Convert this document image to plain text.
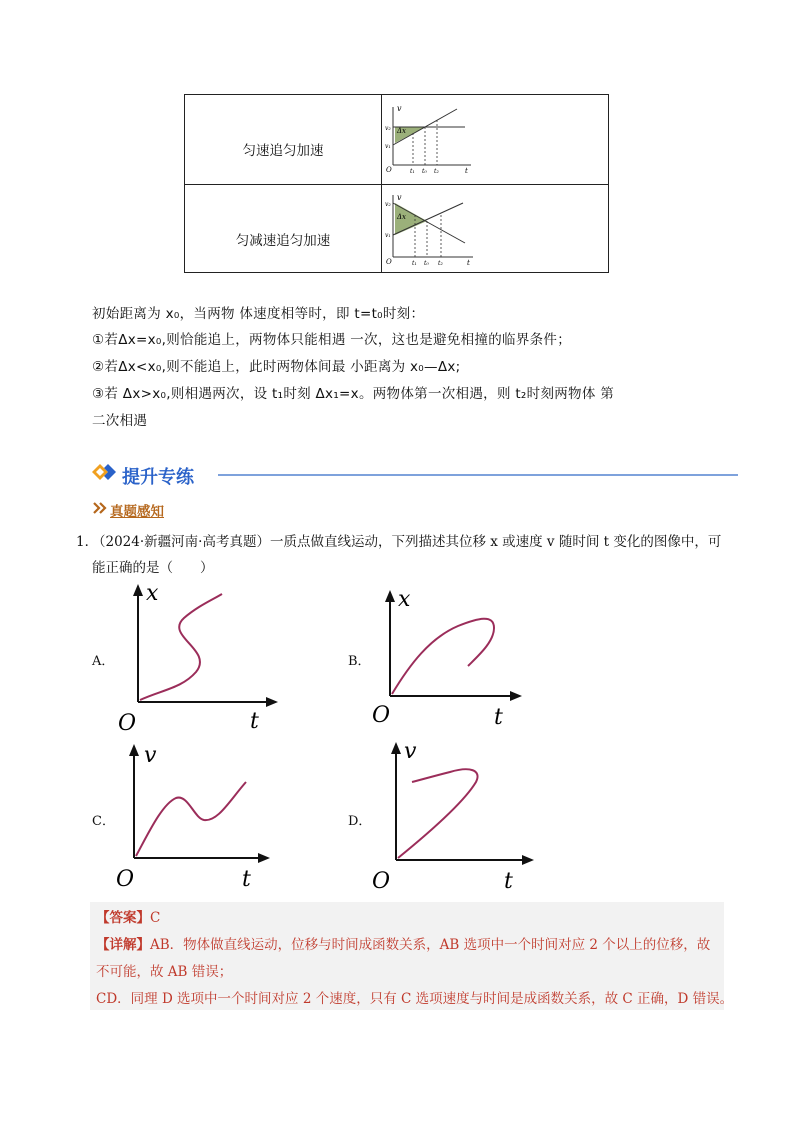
匀速追匀加速
匀减速追匀加速
v
v₂
v₁
Δx
O	t₁ t₀ t₂	t
v
v₂
v₁
Δx
O	t₁ t₀ t₂	t
初始距离为 x₀，当两物 体速度相等时，即 t=t₀时刻：
①若Δx=x₀,则恰能追上，两物体只能相遇 一次，这也是避免相撞的临界条件；
②若Δx<x₀,则不能追上，此时两物体间最 小距离为 x₀—Δx;
③若 Δx>x₀,则相遇两次，设 t₁时刻 Δx₁=x。两物体第一次相遇，则 t₂时刻两物体 第
二次相遇
提升专练
真题感知
1．
（2024·新疆河南·高考真题）一质点做直线运动，下列描述其位移 x 或速度 v 随时间 t 变化的图像中，可
能正确的是（　　）
A．
x
t
O
B．
x
t
O
C．
v
t
O
D．
v
t
O
【答案】C
【详解】AB．物体做直线运动，位移与时间成函数关系，AB 选项中一个时间对应 2 个以上的位移，故
不可能，故 AB 错误；
CD．同理 D 选项中一个时间对应 2 个速度，只有 C 选项速度与时间是成函数关系，故 C 正确，D 错误。
